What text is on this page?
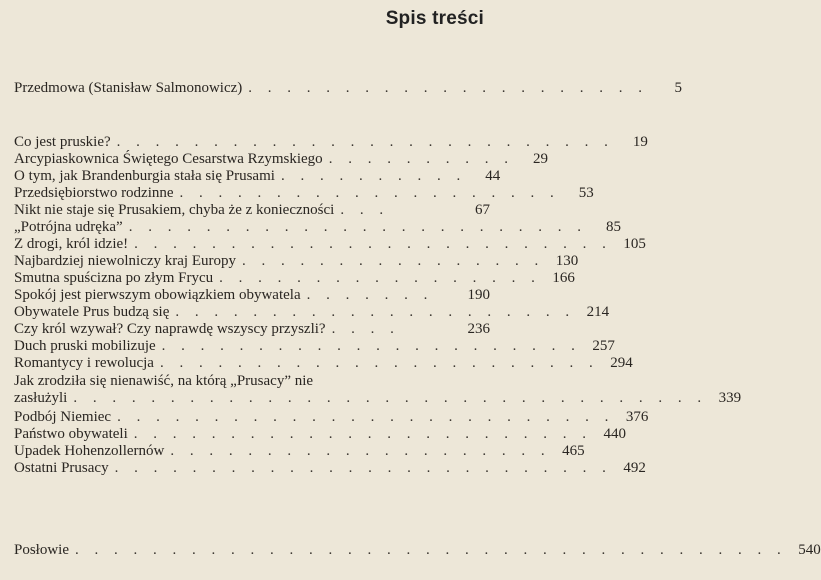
Spis treści
Przedmowa (Stanisław Salmonowicz) . . . . . . . . . . . . . . . . . . . . .	5
Co jest pruskie? . . . . . . . . . . . . . . . . . . . . . . . . . .	19
Arcypiaskownica Świętego Cesarstwa Rzymskiego . . . . . . . . . .	29
O tym, jak Brandenburgia stała się Prusami . . . . . . . . . .	44
Przedsiębiorstwo rodzinne . . . . . . . . . . . . . . . . . . . .	53
Nikt nie staje się Prusakiem, chyba że z konieczności . . .	67
„Potrójna udręka” . . . . . . . . . . . . . . . . . . . . . . . .	85
Z drogi, król idzie! . . . . . . . . . . . . . . . . . . . . . . . . . 105
Najbardziej niewolniczy kraj Europy . . . . . . . . . . . . . . . . 130
Smutna spuścizna po złym Frycu . . . . . . . . . . . . . . . . . 166
Spokój jest pierwszym obowiązkiem obywatela . . . . . . .	190
Obywatele Prus budzą się . . . . . . . . . . . . . . . . . . . . . 214
Czy król wzywał? Czy naprawdę wszyscy przyszli? . . . .	236
Duch pruski mobilizuje . . . . . . . . . . . . . . . . . . . . . . 257
Romantycy i rewolucja . . . . . . . . . . . . . . . . . . . . . . . 294
Jak zrodziła się nienawiść, na którą „Prusacy” nie
zasłużyli . . . . . . . . . . . . . . . . . . . . . . . . . . . . . . . . . 339
Podbój Niemiec . . . . . . . . . . . . . . . . . . . . . . . . . . 376
Państwo obywateli . . . . . . . . . . . . . . . . . . . . . . . . 440
Upadek Hohenzollernów . . . . . . . . . . . . . . . . . . . . 465
Ostatni Prusacy . . . . . . . . . . . . . . . . . . . . . . . . . . 492
Posłowie . . . . . . . . . . . . . . . . . . . . . . . . . . . . . . . . . . . . . 540
